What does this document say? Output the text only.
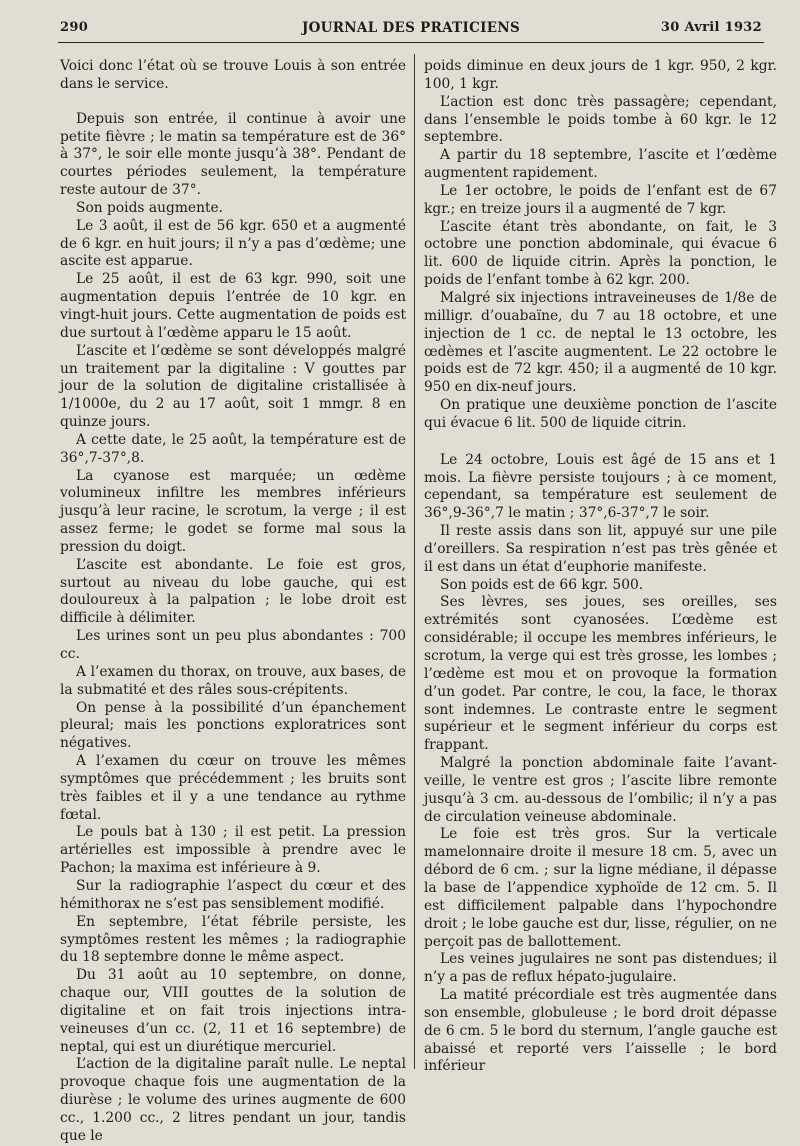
290	JOURNAL DES PRATICIENS	30 Avril 1932

Voici donc l’état où se trouve Louis à son entrée dans le service.

Depuis son entrée, il continue à avoir une petite fièvre ; le matin sa température est de 36° à 37°, le soir elle monte jusqu’à 38°. Pendant de courtes périodes seulement, la température reste autour de 37°.

Son poids augmente.

Le 3 août, il est de 56 kgr. 650 et a augmenté de 6 kgr. en huit jours; il n’y a pas d’œdème; une ascite est apparue.

Le 25 août, il est de 63 kgr. 990, soit une augmentation depuis l’entrée de 10 kgr. en vingt-huit jours. Cette augmentation de poids est due surtout à l’œdème apparu le 15 août.

L’ascite et l’œdème se sont développés malgré un traitement par la digitaline : V gouttes par jour de la solution de digitaline cristallisée à 1/1000e, du 2 au 17 août, soit 1 mmgr. 8 en quinze jours.

A cette date, le 25 août, la température est de 36°,7-37°,8.

La cyanose est marquée; un œdème volumineux infiltre les membres inférieurs jusqu’à leur racine, le scrotum, la verge ; il est assez ferme; le godet se forme mal sous la pression du doigt.

L’ascite est abondante. Le foie est gros, surtout au niveau du lobe gauche, qui est douloureux à la palpation ; le lobe droit est difficile à délimiter.

Les urines sont un peu plus abondantes : 700 cc.

A l’examen du thorax, on trouve, aux bases, de la submatité et des râles sous-crépitents.

On pense à la possibilité d’un épanchement pleural; mais les ponctions exploratrices sont négatives.

A l’examen du cœur on trouve les mêmes symptômes que précédemment ; les bruits sont très faibles et il y a une tendance au rythme fœtal.

Le pouls bat à 130 ; il est petit. La pression artérielles est impossible à prendre avec le Pachon; la maxima est inférieure à 9.

Sur la radiographie l’aspect du cœur et des hémithorax ne s’est pas sensiblement modifié.

En septembre, l’état fébrile persiste, les symptômes restent les mêmes ; la radiographie du 18 septembre donne le même aspect.

Du 31 août au 10 septembre, on donne, chaque our, VIII gouttes de la solution de digitaline et on fait trois injections intra-veineuses d’un cc. (2, 11 et 16 septembre) de neptal, qui est un diurétique mercuriel.

L’action de la digitaline paraît nulle. Le neptal provoque chaque fois une augmentation de la diurèse ; le volume des urines augmente de 600 cc., 1.200 cc., 2 litres pendant un jour, tandis que le

poids diminue en deux jours de 1 kgr. 950, 2 kgr. 100, 1 kgr.

L’action est donc très passagère; cependant, dans l’ensemble le poids tombe à 60 kgr. le 12 septembre.

A partir du 18 septembre, l’ascite et l’œdème augmentent rapidement.

Le 1er octobre, le poids de l’enfant est de 67 kgr.; en treize jours il a augmenté de 7 kgr.

L’ascite étant très abondante, on fait, le 3 octobre une ponction abdominale, qui évacue 6 lit. 600 de liquide citrin. Après la ponction, le poids de l’enfant tombe à 62 kgr. 200.

Malgré six injections intraveineuses de 1/8e de milligr. d’ouabaïne, du 7 au 18 octobre, et une injection de 1 cc. de neptal le 13 octobre, les œdèmes et l’ascite augmentent. Le 22 octobre le poids est de 72 kgr. 450; il a augmenté de 10 kgr. 950 en dix-neuf jours.

On pratique une deuxième ponction de l’ascite qui évacue 6 lit. 500 de liquide citrin.

Le 24 octobre, Louis est âgé de 15 ans et 1 mois. La fièvre persiste toujours ; à ce moment, cependant, sa température est seulement de 36°,9-36°,7 le matin ; 37°,6-37°,7 le soir.

Il reste assis dans son lit, appuyé sur une pile d’oreillers. Sa respiration n’est pas très gênée et il est dans un état d’euphorie manifeste.

Son poids est de 66 kgr. 500.

Ses lèvres, ses joues, ses oreilles, ses extrémités sont cyanosées. L’œdème est considérable; il occupe les membres inférieurs, le scrotum, la verge qui est très grosse, les lombes ; l’œdème est mou et on provoque la formation d’un godet. Par contre, le cou, la face, le thorax sont indemnes. Le contraste entre le segment supérieur et le segment inférieur du corps est frappant.

Malgré la ponction abdominale faite l’avant-veille, le ventre est gros ; l’ascite libre remonte jusqu’à 3 cm. au-dessous de l’ombilic; il n’y a pas de circulation veineuse abdominale.

Le foie est très gros. Sur la verticale mamelonnaire droite il mesure 18 cm. 5, avec un débord de 6 cm. ; sur la ligne médiane, il dépasse la base de l’appendice xyphoïde de 12 cm. 5. Il est difficilement palpable dans l’hypochondre droit ; le lobe gauche est dur, lisse, régulier, on ne perçoit pas de ballottement.

Les veines jugulaires ne sont pas distendues; il n’y a pas de reflux hépato-jugulaire.

La matité précordiale est très augmentée dans son ensemble, globuleuse ; le bord droit dépasse de 6 cm. 5 le bord du sternum, l’angle gauche est abaissé et reporté vers l’aisselle ; le bord inférieur
